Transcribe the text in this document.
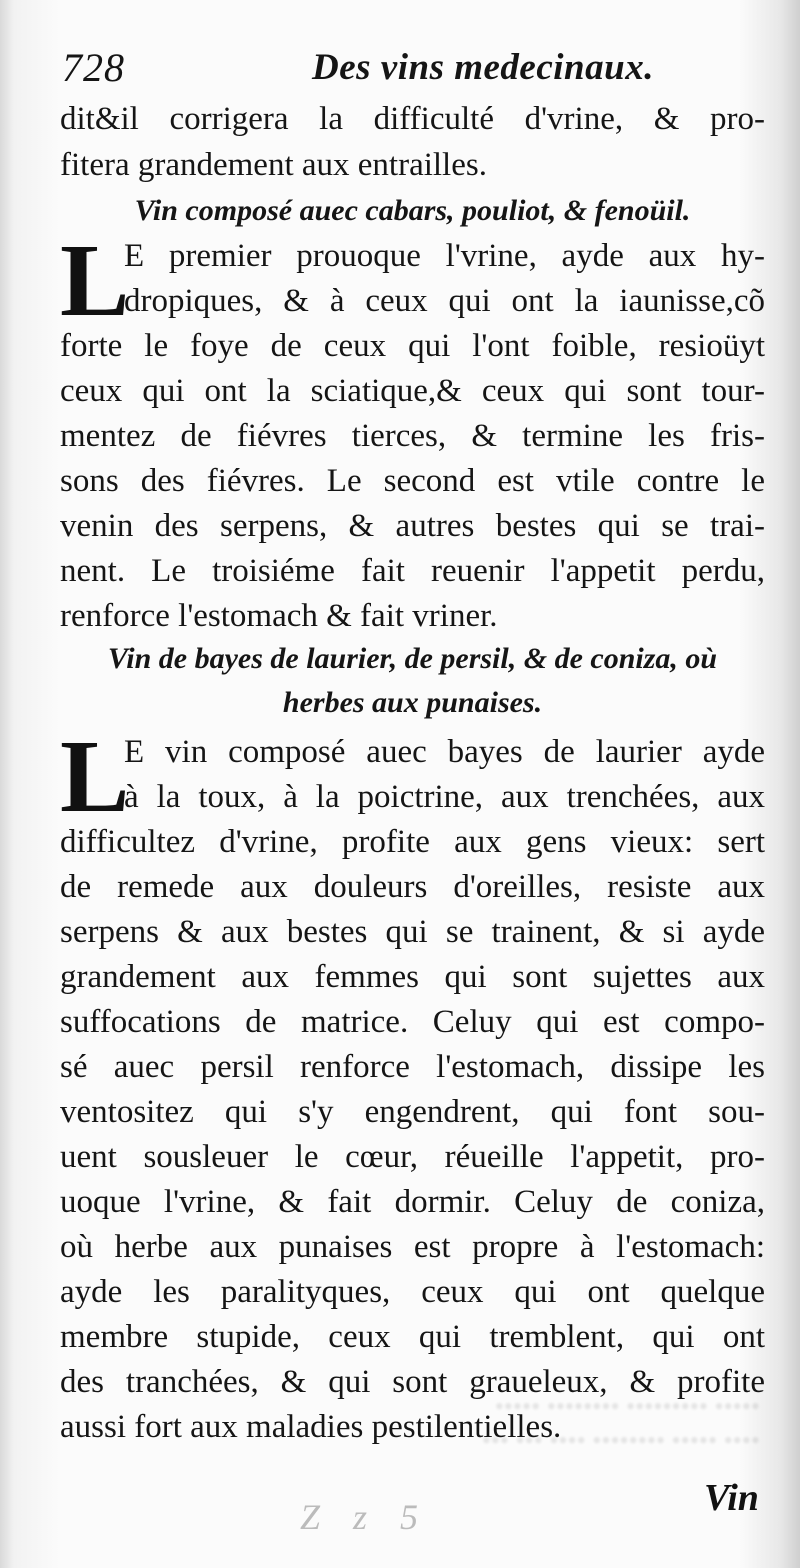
••••• ••••••••• •••••••• •••••
•••• ••••• •••••••• •••• ••• •••
728	Des vins medecinaux.
dit&il corrigera la difficulté d'vrine, & pro-
fitera grandement aux entrailles.
Vin composé auec cabars, pouliot, & fenoüil.
L
E premier prouoque l'vrine, ayde aux hy-
dropiques, & à ceux qui ont la iaunisse,cõ
forte le foye de ceux qui l'ont foible, resioüyt
ceux qui ont la sciatique,& ceux qui sont tour-
mentez de fiévres tierces, & termine les fris-
sons des fiévres. Le second est vtile contre le
venin des serpens, & autres bestes qui se trai-
nent. Le troisiéme fait reuenir l'appetit perdu,
renforce l'estomach & fait vriner.
Vin de bayes de laurier, de persil, & de coniza, où
herbes aux punaises.
L
E vin composé auec bayes de laurier ayde
à la toux, à la poictrine, aux trenchées, aux
difficultez d'vrine, profite aux gens vieux: sert
de remede aux douleurs d'oreilles, resiste aux
serpens & aux bestes qui se trainent, & si ayde
grandement aux femmes qui sont sujettes aux
suffocations de matrice. Celuy qui est compo-
sé auec persil renforce l'estomach, dissipe les
ventositez qui s'y engendrent, qui font sou-
uent sousleuer le cœur, réueille l'appetit, pro-
uoque l'vrine, & fait dormir. Celuy de coniza,
où herbe aux punaises est propre à l'estomach:
ayde les paralityques, ceux qui ont quelque
membre stupide, ceux qui tremblent, qui ont
des tranchées, & qui sont graueleux, & profite
aussi fort aux maladies pestilentielles.
Z z 5	Vin
